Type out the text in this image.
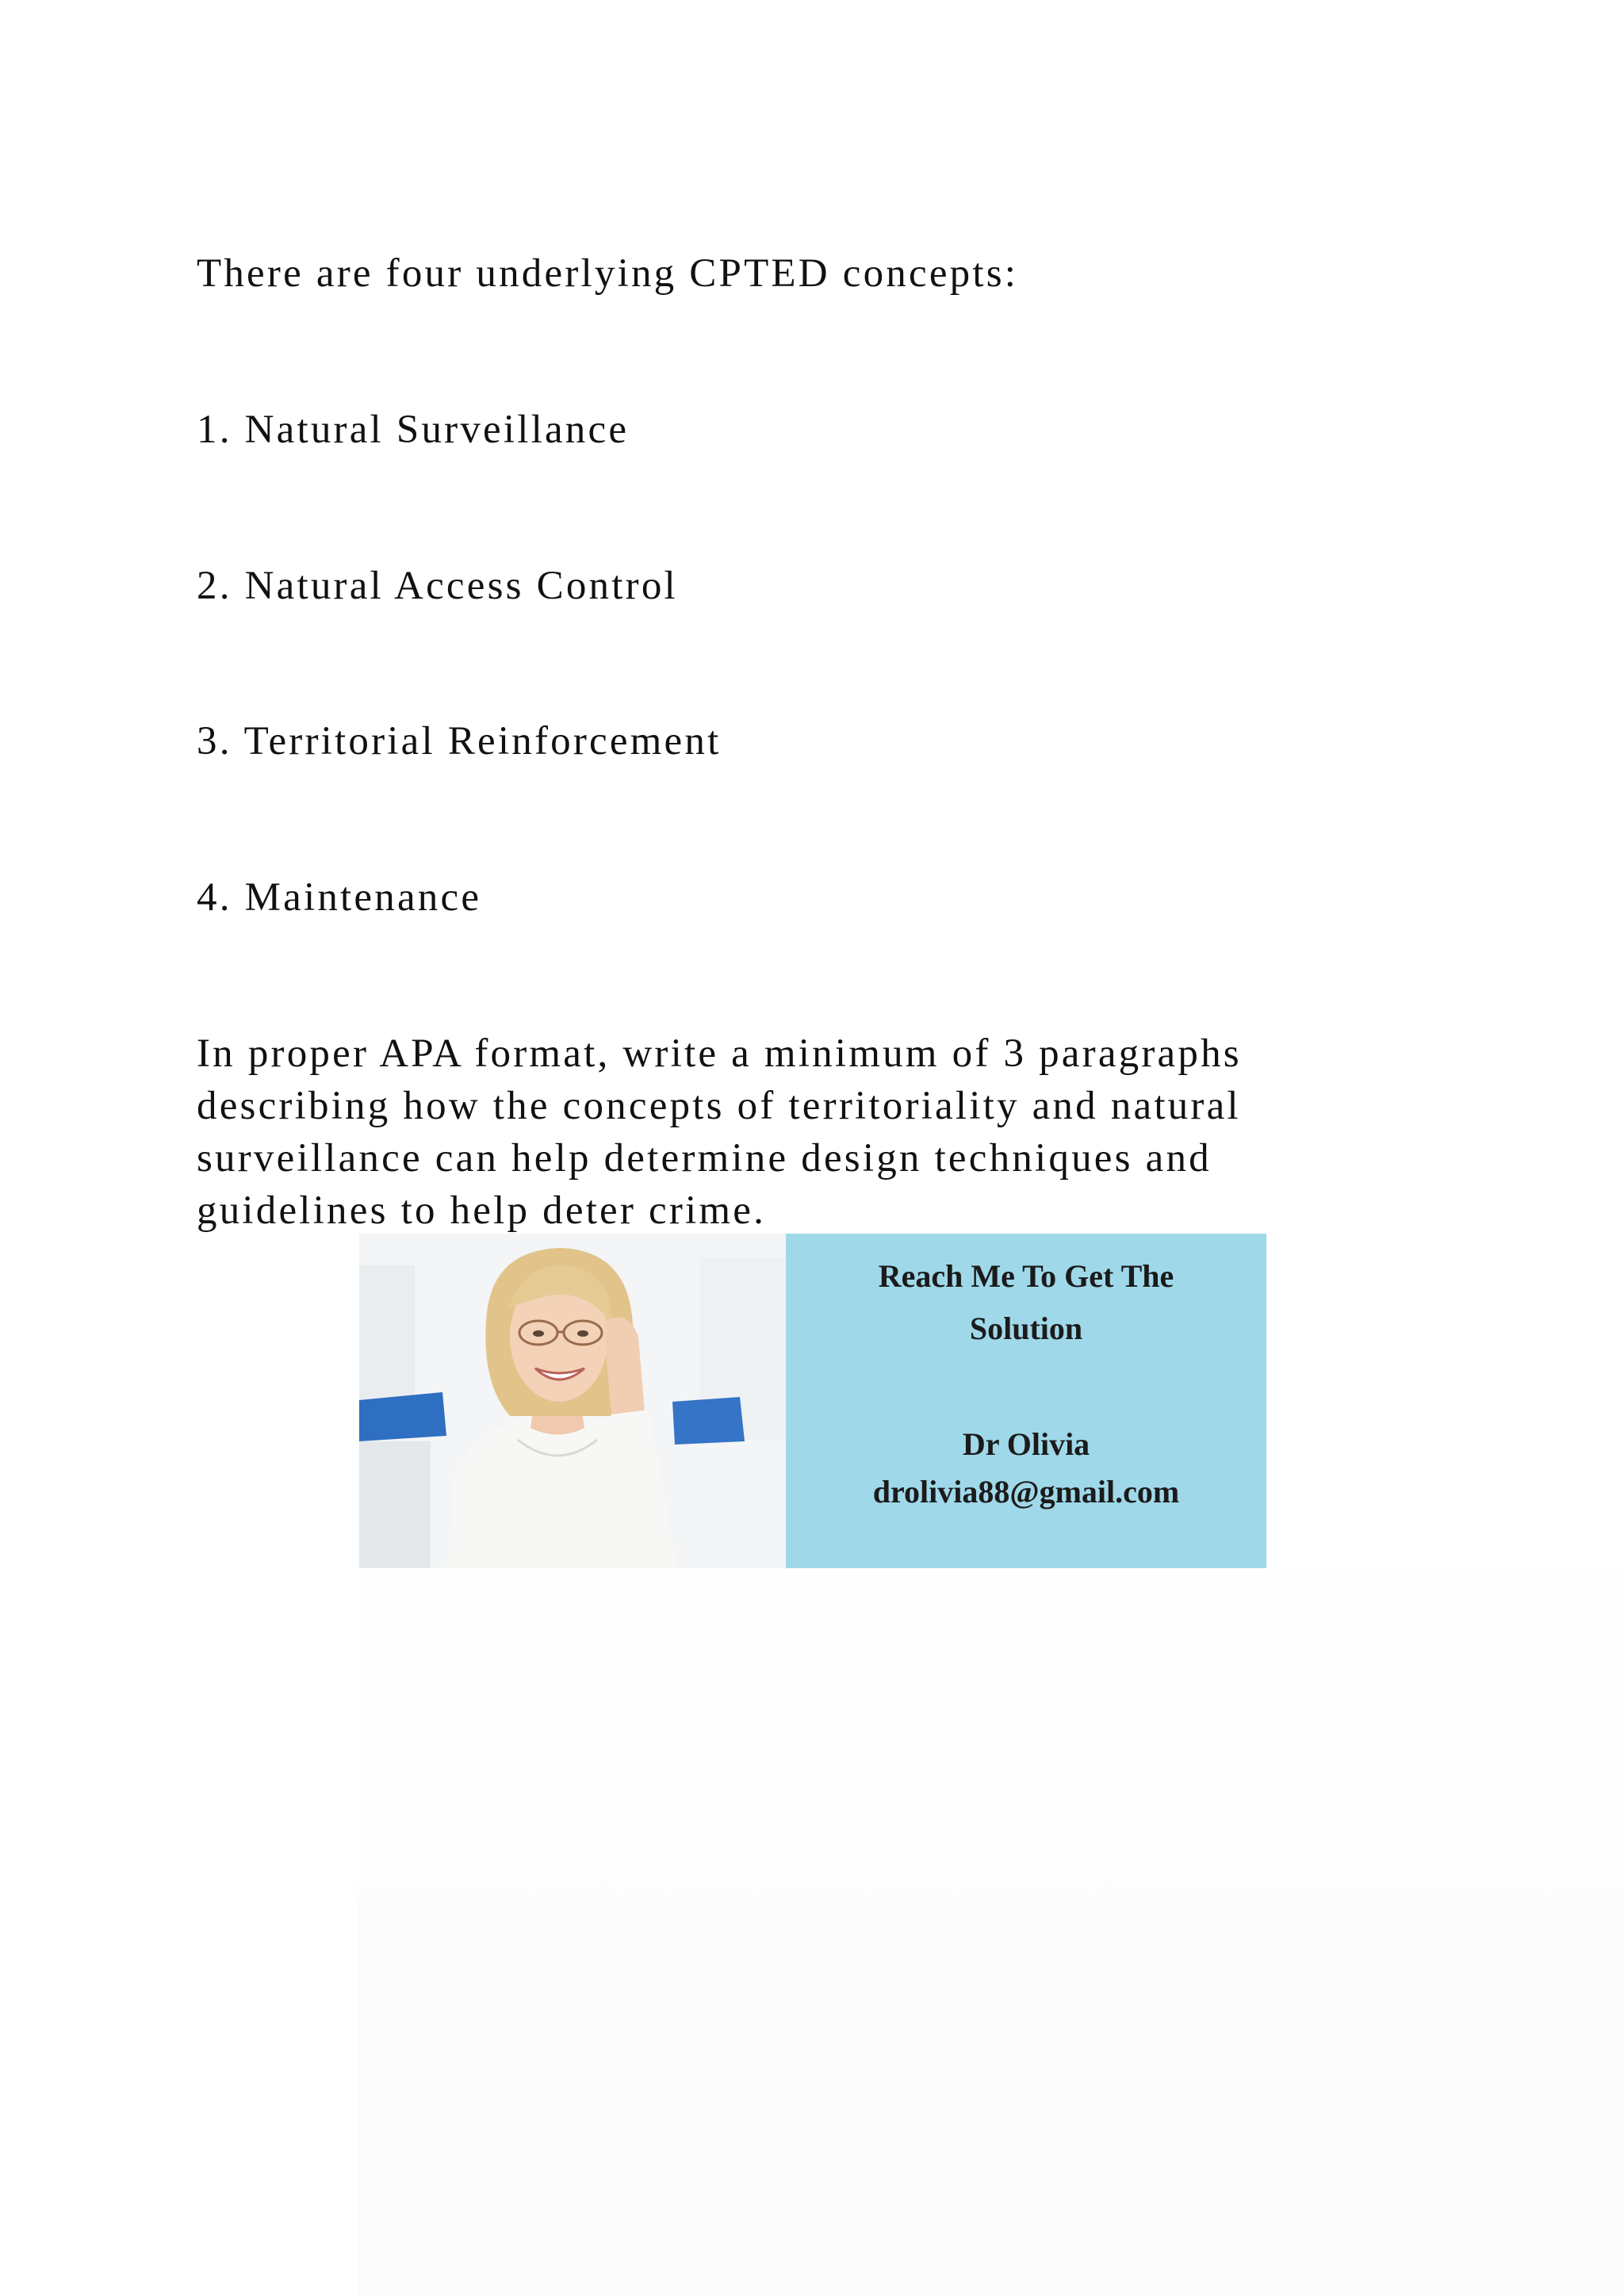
There are four underlying CPTED concepts:

1. Natural Surveillance

2. Natural Access Control

3. Territorial Reinforcement

4. Maintenance

In proper APA format, write a minimum of 3 paragraphs
describing how the concepts of territoriality and natural
surveillance can help determine design techniques and
guidelines to help deter crime.
Reach Me To Get The
Solution
Dr Olivia
drolivia88@gmail.com
